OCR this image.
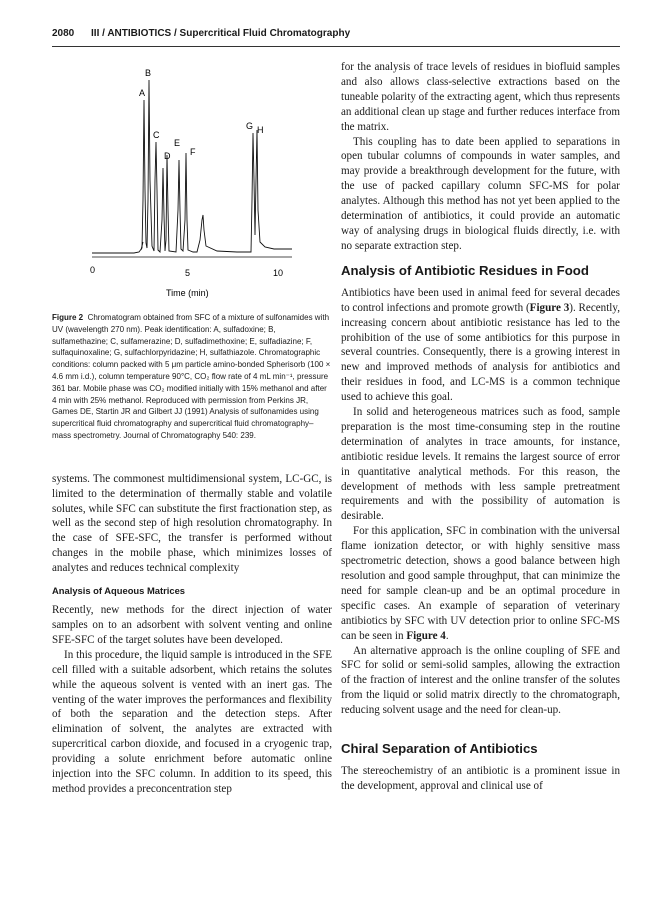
2080 III / ANTIBIOTICS / Supercritical Fluid Chromatography
A
B
C
D
E
F
G H
0	5	10
Time (min)
Figure 2 Chromatogram obtained from SFC of a mixture of sulfonamides with UV (wavelength 270 nm). Peak identification: A, sulfadoxine; B, sulfamethazine; C, sulfamerazine; D, sulfadimethoxine; E, sulfadiazine; F, sulfaquinoxaline; G, sulfachlorpyridazine; H, sulfathiazole. Chromatographic conditions: column packed with 5 μm particle amino-bonded Spherisorb (100 × 4.6 mm i.d.), column temperature 90°C, CO₂ flow rate of 4 mL min⁻¹, pressure 361 bar. Mobile phase was CO₂ modified initially with 15% methanol and after 4 min with 25% methanol. Reproduced with permission from Perkins JR, Games DE, Startin JR and Gilbert JJ (1991) Analysis of sulfonamides using supercritical fluid chromatography and supercritical fluid chromatography–mass spectrometry. Journal of Chromatography 540: 239.

systems. The commonest multidimensional system, LC-GC, is limited to the determination of thermally stable and volatile solutes, while SFC can substitute the first fractionation step, as well as the second step of high resolution chromatography. In the case of SFE-SFC, the transfer is performed without changes in the mobile phase, which minimizes losses of analytes and reduces technical complexity

Analysis of Aqueous Matrices

Recently, new methods for the direct injection of water samples on to an adsorbent with solvent venting and online SFE-SFC of the target solutes have been developed.

In this procedure, the liquid sample is introduced in the SFE cell filled with a suitable adsorbent, which retains the solutes while the aqueous solvent is vented with an inert gas. The venting of the water improves the performances and flexibility of both the separation and the detection steps. After elimination of solvent, the analytes are extracted with supercritical carbon dioxide, and focused in a cryogenic trap, providing a solute enrichment before automatic online injection into the SFC column. In addition to its speed, this method provides a preconcentration step

for the analysis of trace levels of residues in biofluid samples and also allows class-selective extractions based on the tuneable polarity of the extracting agent, which thus represents an additional clean up stage and further reduces interface from the matrix.

This coupling has to date been applied to separations in open tubular columns of compounds in water samples, and may provide a breakthrough development for the future, with the use of packed capillary column SFC-MS for polar analytes. Although this method has not yet been applied to the determination of antibiotics, it could provide an automatic way of analysing drugs in biological fluids directly, i.e. with no separate extraction step.

Analysis of Antibiotic Residues in Food

Antibiotics have been used in animal feed for several decades to control infections and promote growth (Figure 3). Recently, increasing concern about antibiotic resistance has led to the prohibition of the use of some antibiotics for this purpose in several countries. Consequently, there is a growing interest in new and improved methods of analysis for antibiotics and their residues in food, and LC-MS is a common technique used to achieve this goal.

In solid and heterogeneous matrices such as food, sample preparation is the most time-consuming step in the routine determination of analytes in trace amounts, for instance, antibiotic residue levels. It remains the largest source of error in quantitative analytical methods. For this reason, the development of methods with less sample pretreatment requirements and with the possibility of automation is desirable.

For this application, SFC in combination with the universal flame ionization detector, or with highly sensitive mass spectrometric detection, shows a good balance between high resolution and good sample throughput, that can minimize the need for sample clean-up and be an optimal procedure in specific cases. An example of separation of veterinary antibiotics by SFC with UV detection prior to online SFC-MS can be seen in Figure 4.

An alternative approach is the online coupling of SFE and SFC for solid or semi-solid samples, allowing the extraction of the fraction of interest and the online transfer of the solutes from the liquid or solid matrix directly to the chromatograph, reducing solvent usage and the need for clean-up.

Chiral Separation of Antibiotics

The stereochemistry of an antibiotic is a prominent issue in the development, approval and clinical use of
